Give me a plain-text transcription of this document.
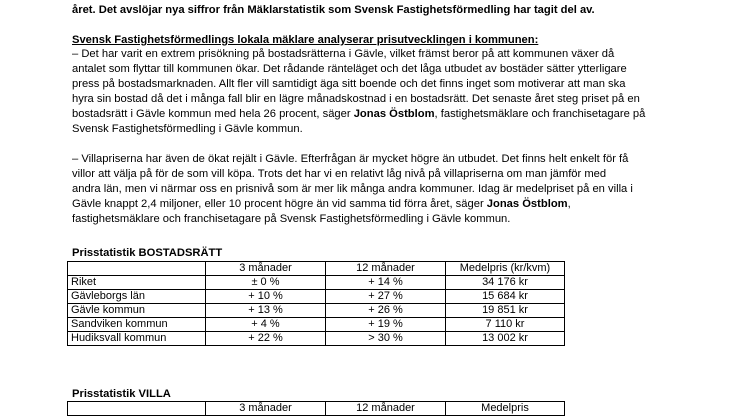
året. Det avslöjar nya siffror från Mäklarstatistik som Svensk Fastighetsförmedling har tagit del av.
Svensk Fastighetsförmedlings lokala mäklare analyserar prisutvecklingen i kommunen:
– Det har varit en extrem prisökning på bostadsrätterna i Gävle, vilket främst beror på att kommunen växer då
antalet som flyttar till kommunen ökar. Det rådande ränteläget och det låga utbudet av bostäder sätter ytterligare
press på bostadsmarknaden. Allt fler vill samtidigt äga sitt boende och det finns inget som motiverar att man ska
hyra sin bostad då det i många fall blir en lägre månadskostnad i en bostadsrätt. Det senaste året steg priset på en
bostadsrätt i Gävle kommun med hela 26 procent, säger Jonas Östblom, fastighetsmäklare och franchisetagare på
Svensk Fastighetsförmedling i Gävle kommun.
– Villapriserna har även de ökat rejält i Gävle. Efterfrågan är mycket högre än utbudet. Det finns helt enkelt för få
villor att välja på för de som vill köpa. Trots det har vi en relativt låg nivå på villapriserna om man jämför med
andra län, men vi närmar oss en prisnivå som är mer lik många andra kommuner. Idag är medelpriset på en villa i
Gävle knappt 2,4 miljoner, eller 10 procent högre än vid samma tid förra året, säger Jonas Östblom,
fastighetsmäklare och franchisetagare på Svensk Fastighetsförmedling i Gävle kommun.
Prisstatistik BOSTADSRÄTT
	3 månader	12 månader	Medelpris (kr/kvm)
Riket	± 0 %	+ 14 %	34 176 kr
Gävleborgs län	+ 10 %	+ 27 %	15 684 kr
Gävle kommun	+ 13 %	+ 26 %	19 851 kr
Sandviken kommun	+ 4 %	+ 19 %	7 110 kr
Hudiksvall kommun	+ 22 %	> 30 %	13 002 kr
Prisstatistik VILLA
	3 månader	12 månader	Medelpris
